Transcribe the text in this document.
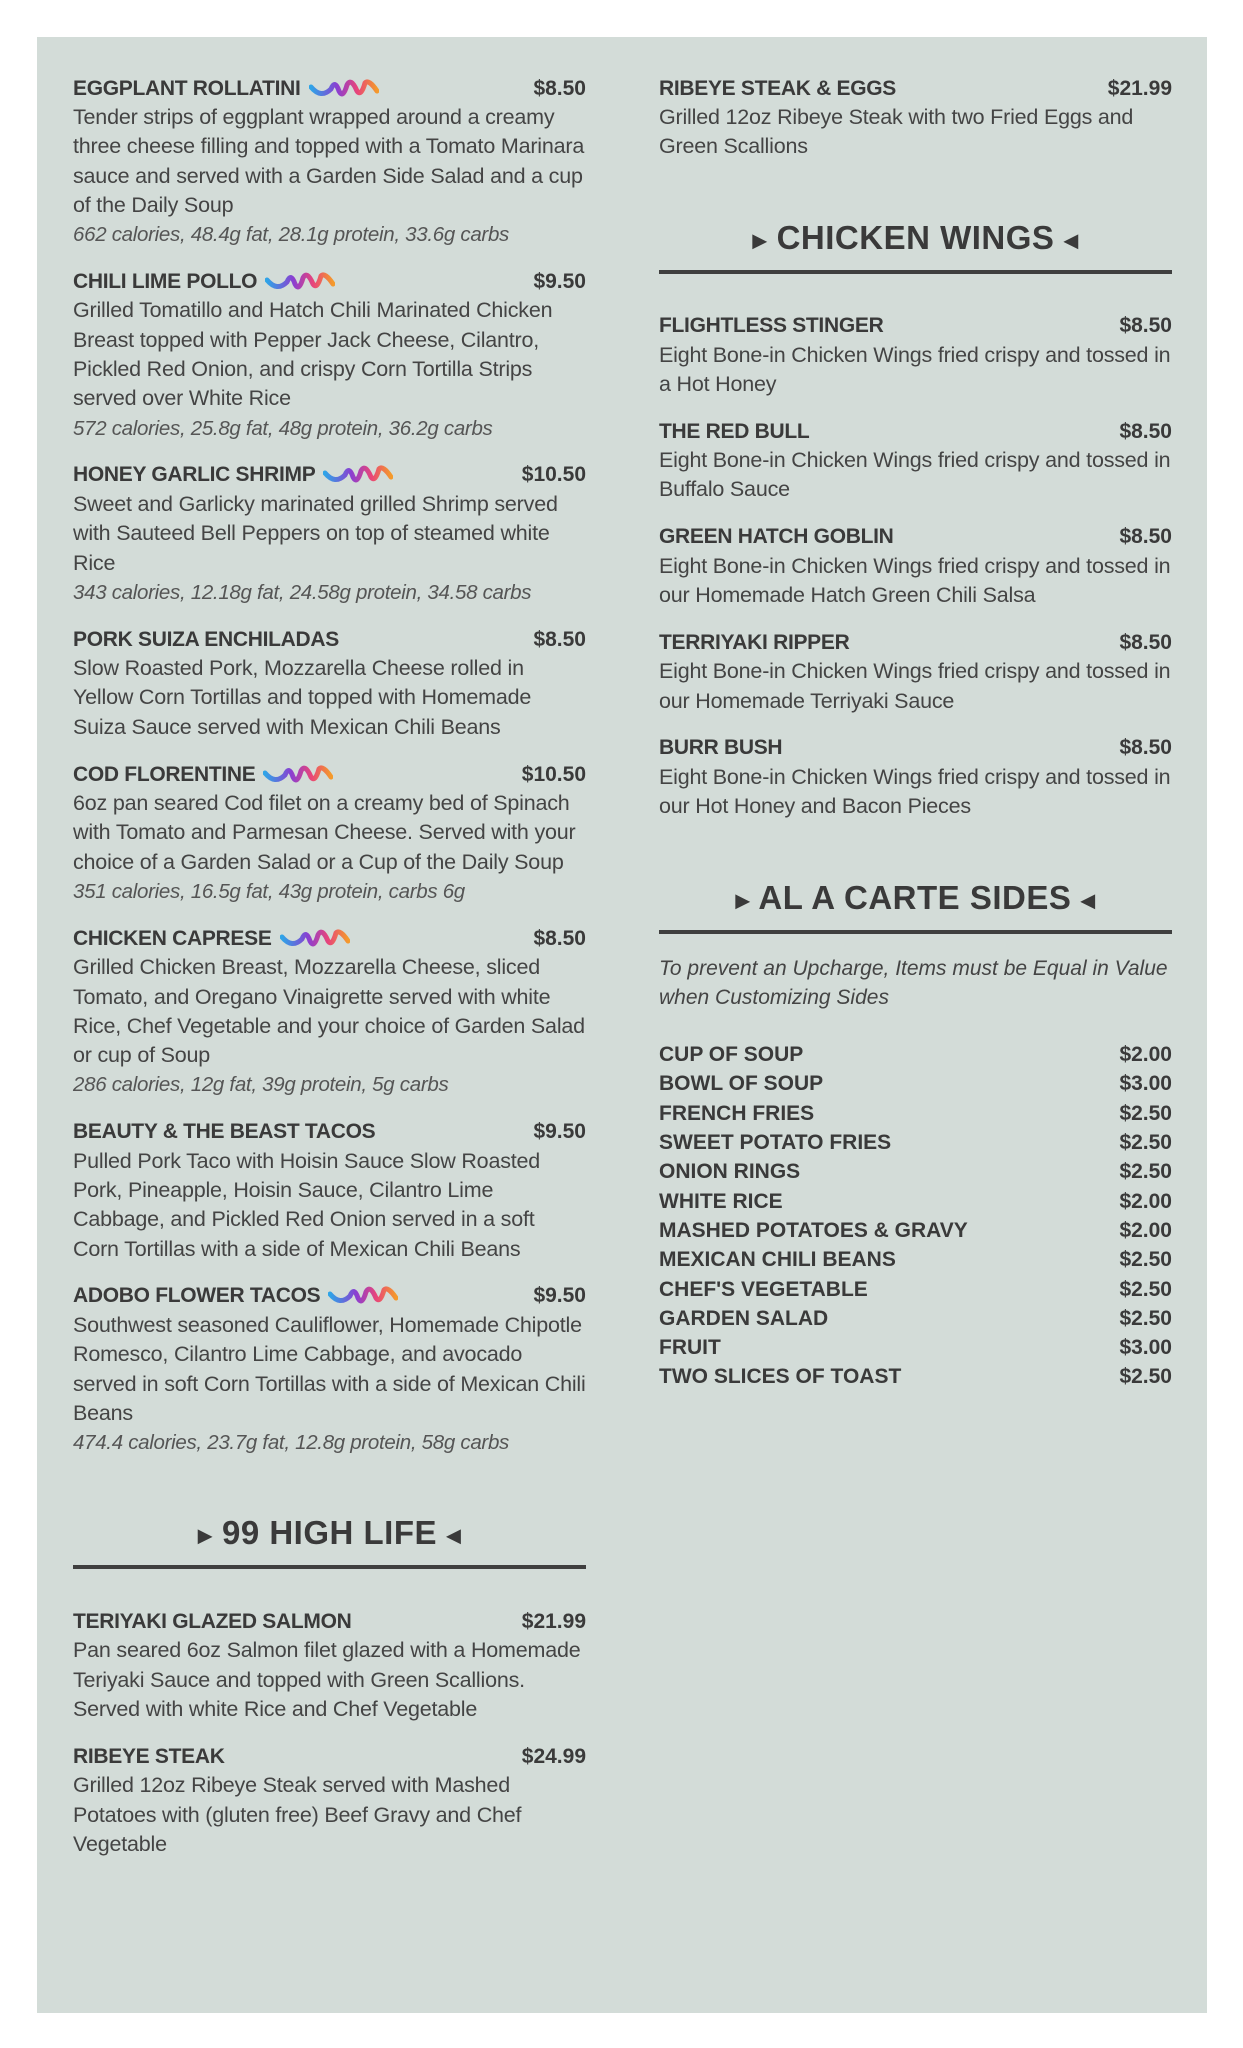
EGGPLANT ROLLATINI	$8.50
Tender strips of eggplant wrapped around a creamy three cheese filling and topped with a Tomato Marinara sauce and served with a Garden Side Salad and a cup of the Daily Soup
662 calories, 48.4g fat, 28.1g protein, 33.6g carbs
CHILI LIME POLLO	$9.50
Grilled Tomatillo and Hatch Chili Marinated Chicken Breast topped with Pepper Jack Cheese, Cilantro, Pickled Red Onion, and crispy Corn Tortilla Strips served over White Rice
572 calories, 25.8g fat, 48g protein, 36.2g carbs
HONEY GARLIC SHRIMP	$10.50
Sweet and Garlicky marinated grilled Shrimp served with Sauteed Bell Peppers on top of steamed white Rice
343 calories, 12.18g fat, 24.58g protein, 34.58 carbs
PORK SUIZA ENCHILADAS	$8.50
Slow Roasted Pork, Mozzarella Cheese rolled in Yellow Corn Tortillas and topped with Homemade Suiza Sauce served with Mexican Chili Beans
COD FLORENTINE	$10.50
6oz pan seared Cod filet on a creamy bed of Spinach with Tomato and Parmesan Cheese. Served with your choice of a Garden Salad or a Cup of the Daily Soup
351 calories, 16.5g fat, 43g protein, carbs 6g
CHICKEN CAPRESE	$8.50
Grilled Chicken Breast, Mozzarella Cheese, sliced Tomato, and Oregano Vinaigrette served with white Rice, Chef Vegetable and your choice of Garden Salad or cup of Soup
286 calories, 12g fat, 39g protein, 5g carbs
BEAUTY & THE BEAST TACOS	$9.50
Pulled Pork Taco with Hoisin Sauce Slow Roasted Pork, Pineapple, Hoisin Sauce, Cilantro Lime Cabbage, and Pickled Red Onion served in a soft Corn Tortillas with a side of Mexican Chili Beans
ADOBO FLOWER TACOS	$9.50
Southwest seasoned Cauliflower, Homemade Chipotle Romesco, Cilantro Lime Cabbage, and avocado served in soft Corn Tortillas with a side of Mexican Chili Beans
474.4 calories, 23.7g fat, 12.8g protein, 58g carbs
▶ 99 HIGH LIFE ◀
TERIYAKI GLAZED SALMON	$21.99
Pan seared 6oz Salmon filet glazed with a Homemade Teriyaki Sauce and topped with Green Scallions. Served with white Rice and Chef Vegetable
RIBEYE STEAK	$24.99
Grilled 12oz Ribeye Steak served with Mashed Potatoes with (gluten free) Beef Gravy and Chef Vegetable
RIBEYE STEAK & EGGS	$21.99
Grilled 12oz Ribeye Steak with two Fried Eggs and Green Scallions
▶ CHICKEN WINGS ◀
FLIGHTLESS STINGER	$8.50
Eight Bone-in Chicken Wings fried crispy and tossed in a Hot Honey
THE RED BULL	$8.50
Eight Bone-in Chicken Wings fried crispy and tossed in Buffalo Sauce
GREEN HATCH GOBLIN	$8.50
Eight Bone-in Chicken Wings fried crispy and tossed in our Homemade Hatch Green Chili Salsa
TERRIYAKI RIPPER	$8.50
Eight Bone-in Chicken Wings fried crispy and tossed in our Homemade Terriyaki Sauce
BURR BUSH	$8.50
Eight Bone-in Chicken Wings fried crispy and tossed in our Hot Honey and Bacon Pieces
▶ AL A CARTE SIDES ◀
To prevent an Upcharge, Items must be Equal in Value when Customizing Sides
CUP OF SOUP	$2.00
BOWL OF SOUP	$3.00
FRENCH FRIES	$2.50
SWEET POTATO FRIES	$2.50
ONION RINGS	$2.50
WHITE RICE	$2.00
MASHED POTATOES & GRAVY	$2.00
MEXICAN CHILI BEANS	$2.50
CHEF'S VEGETABLE	$2.50
GARDEN SALAD	$2.50
FRUIT	$3.00
TWO SLICES OF TOAST	$2.50
